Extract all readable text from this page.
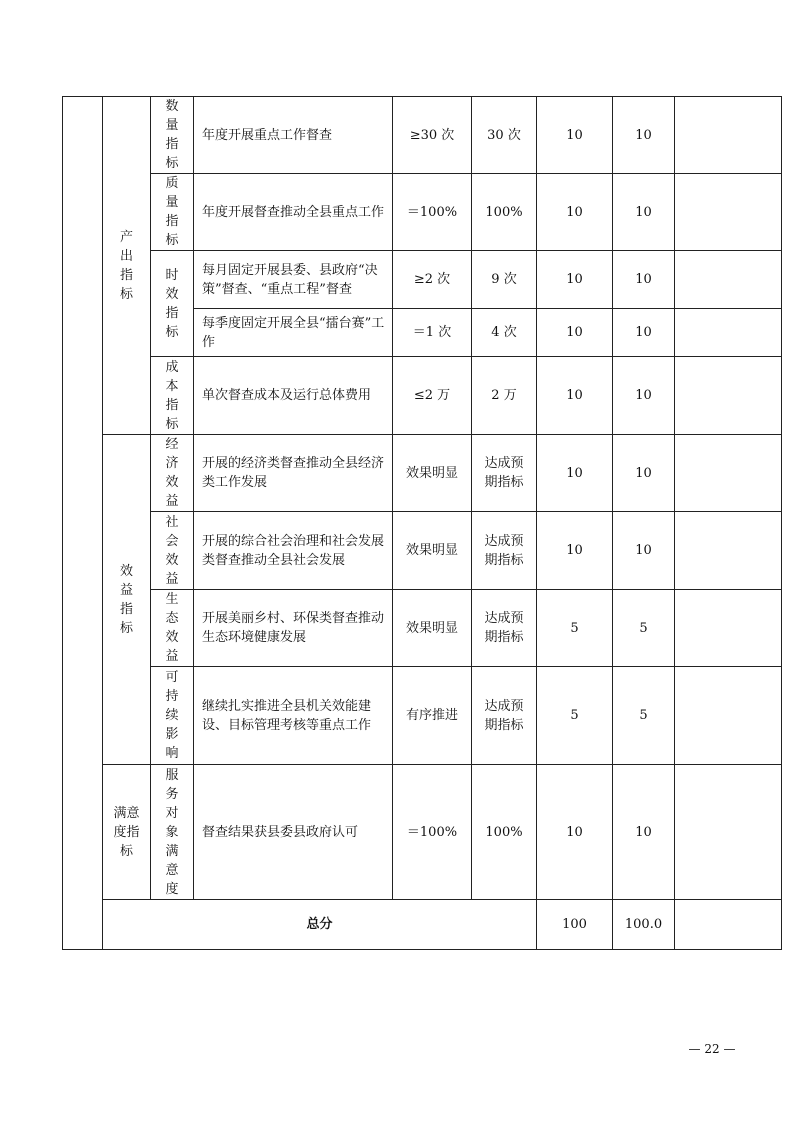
	产出指标	数量指标	年度开展重点工作督查	≥30 次	30 次	10	10	
		质量指标	年度开展督查推动全县重点工作	＝100%	100%	10	10	
		时效指标	每月固定开展县委、县政府“决策”督查、“重点工程”督查	≥2 次	9 次	10	10	
			每季度固定开展全县“擂台赛”工作	＝1 次	4 次	10	10	
		成本指标	单次督查成本及运行总体费用	≤2 万	2 万	10	10	
	效益指标	经济效益	开展的经济类督查推动全县经济类工作发展	效果明显	达成预期指标	10	10	
		社会效益	开展的综合社会治理和社会发展类督查推动全县社会发展	效果明显	达成预期指标	10	10	
		生态效益	开展美丽乡村、环保类督查推动生态环境健康发展	效果明显	达成预期指标	5	5	
		可持续影响	继续扎实推进全县机关效能建设、目标管理考核等重点工作	有序推进	达成预期指标	5	5	
	满意度指标	服务对象满意度	督查结果获县委县政府认可	＝100%	100%	10	10	
	总分					100	100.0	
— 22 —
